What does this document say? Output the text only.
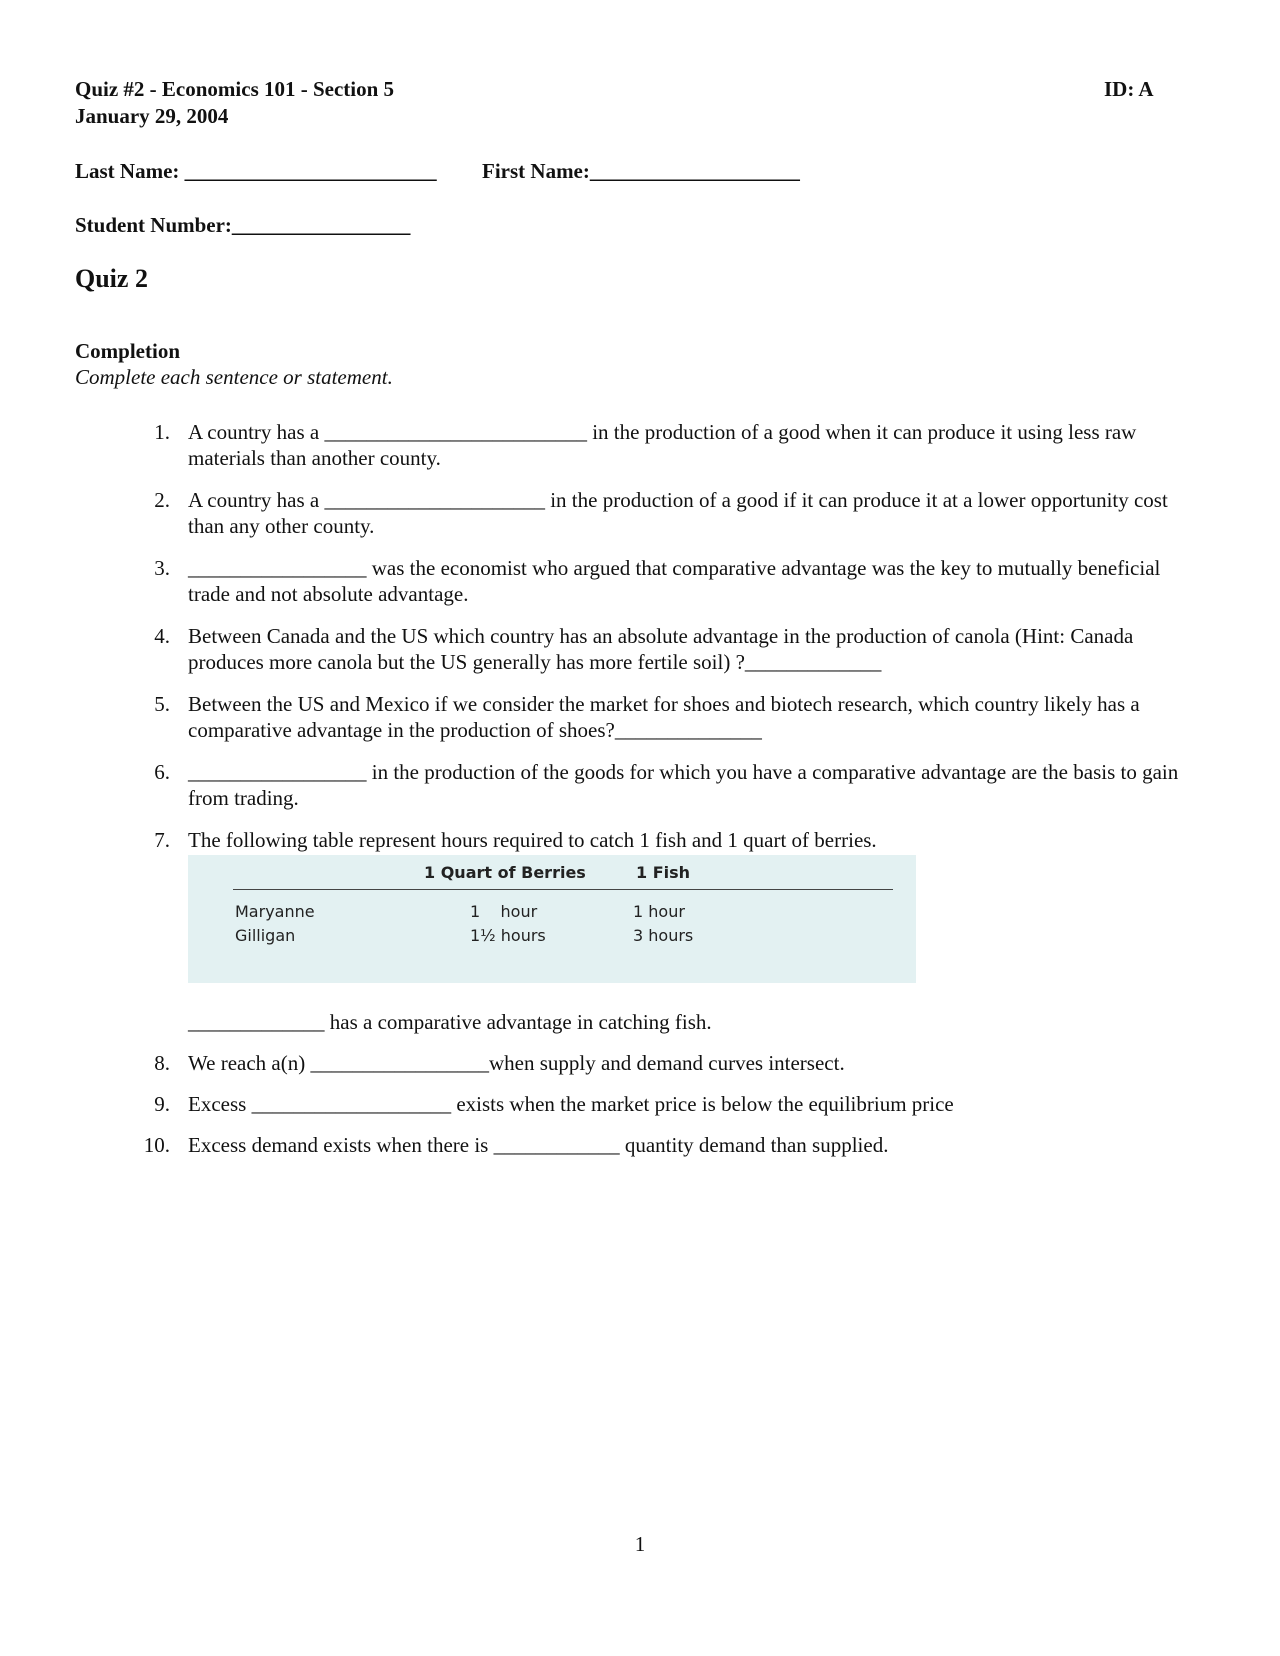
Quiz #2 - Economics 101 - Section 5
January 29, 2004
ID: A
Last Name: ________________________ First Name:____________________
Student Number:_________________
Quiz 2
Completion
Complete each sentence or statement.
1. A country has a _________________________ in the production of a good when it can produce it using less raw materials than another county.
2. A country has a _____________________ in the production of a good if it can produce it at a lower opportunity cost than any other county.
3. _________________ was the economist who argued that comparative advantage was the key to mutually beneficial trade and not absolute advantage.
4. Between Canada and the US which country has an absolute advantage in the production of canola (Hint: Canada produces more canola but the US generally has more fertile soil) ?_____________
5. Between the US and Mexico if we consider the market for shoes and biotech research, which country likely has a comparative advantage in the production of shoes?______________
6. _________________ in the production of the goods for which you have a comparative advantage are the basis to gain from trading.
7. The following table represent hours required to catch 1 fish and 1 quart of berries.
1 Quart of Berries	1 Fish
Maryanne	1    hour	1 hour
Gilligan	1½ hours	3 hours
_____________ has a comparative advantage in catching fish.
8. We reach a(n) _________________when supply and demand curves intersect.
9. Excess ___________________ exists when the market price is below the equilibrium price
10. Excess demand exists when there is ____________ quantity demand than supplied.
1
